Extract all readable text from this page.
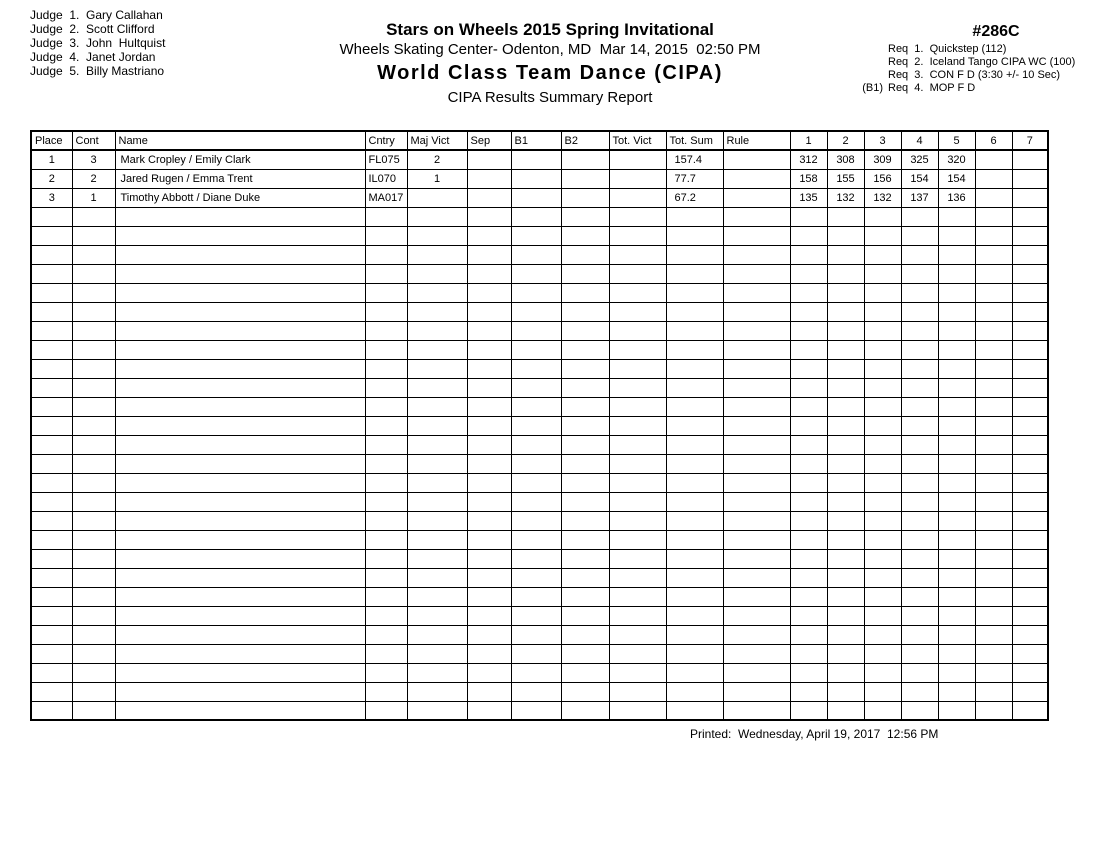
Judge  1.  Gary Callahan
Judge  2.  Scott Clifford
Judge  3.  John  Hultquist
Judge  4.  Janet Jordan
Judge  5.  Billy Mastriano
Stars on Wheels 2015 Spring Invitational
Wheels Skating Center- Odenton, MD  Mar 14, 2015  02:50 PM
World Class Team Dance (CIPA)
CIPA Results Summary Report
#286C
Req  1.  Quickstep (112)
Req  2.  Iceland Tango CIPA WC (100)
Req  3.  CON F D (3:30 +/- 10 Sec)
(B1) Req  4.  MOP F D
Place	Cont	Name	Cntry	Maj Vict	Sep	B1	B2	Tot. Vict	Tot. Sum	Rule	1	2	3	4	5	6	7
1	3	Mark Cropley / Emily Clark	FL075	2					157.4		312	308	309	325	320		
2	2	Jared Rugen / Emma Trent	IL070	1					77.7		158	155	156	154	154		
3	1	Timothy Abbott / Diane Duke	MA017						67.2		135	132	132	137	136		

Printed:  Wednesday, April 19, 2017  12:56 PM
